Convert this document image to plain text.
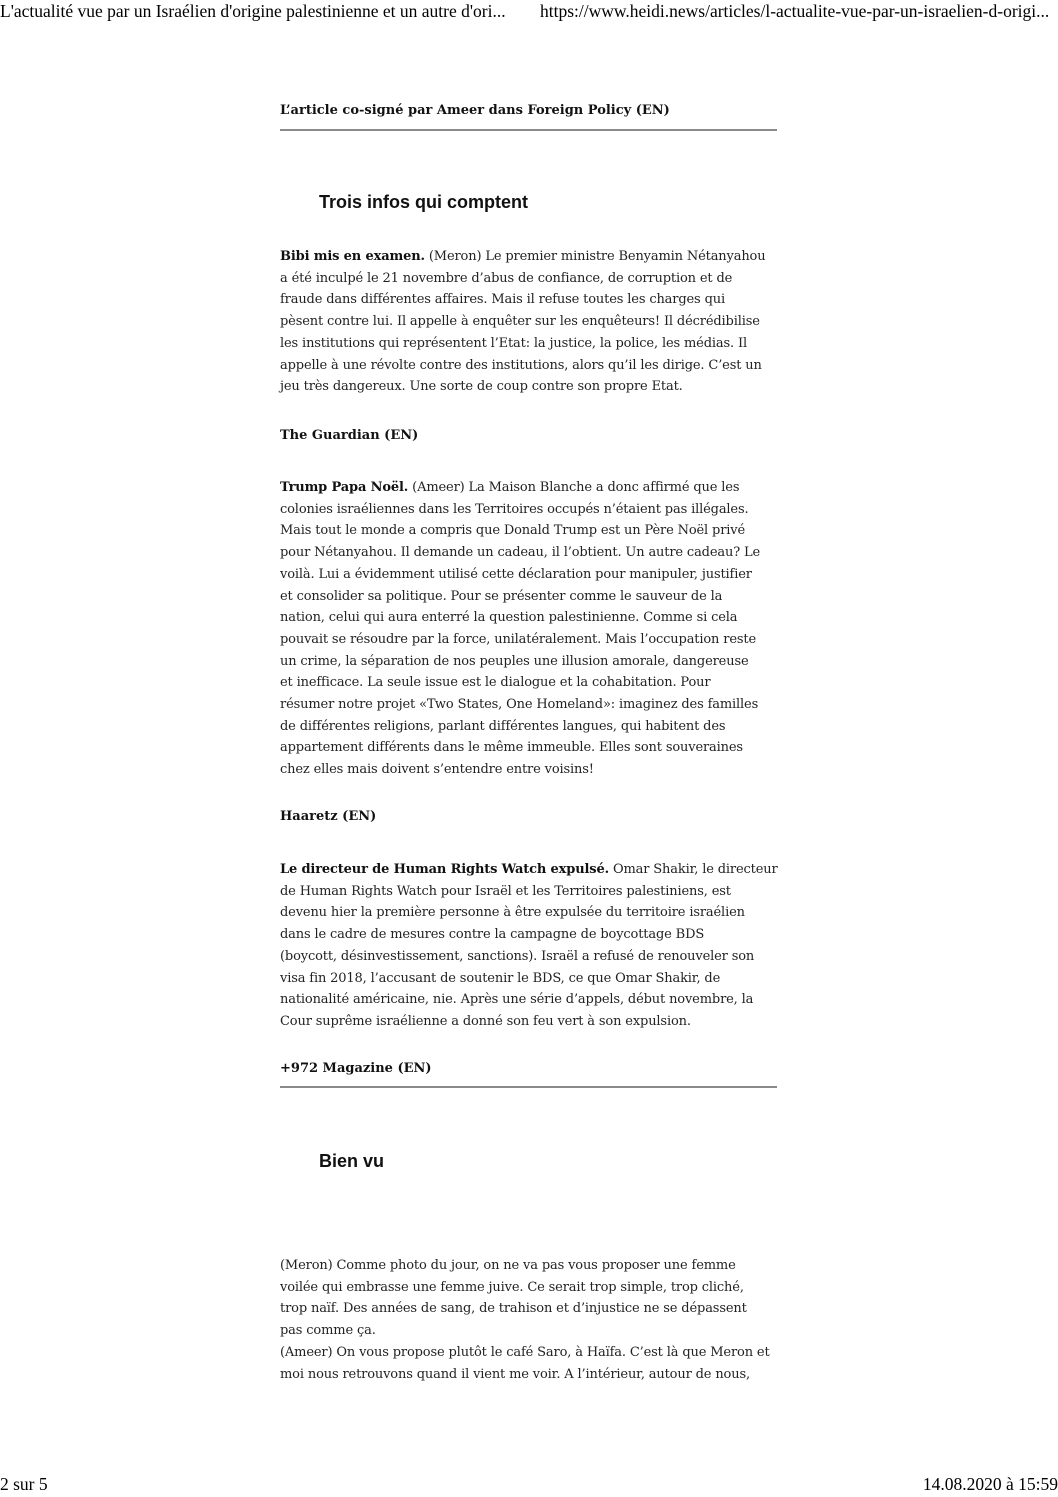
L'actualité vue par un Israélien d'origine palestinienne et un autre d'ori... https://www.heidi.news/articles/l-actualite-vue-par-un-israelien-d-origi...
L’article co-signé par Ameer dans Foreign Policy (EN)
Trois infos qui comptent

Bibi mis en examen. (Meron) Le premier ministre Benyamin Nétanyahou
a été inculpé le 21 novembre d’abus de confiance, de corruption et de
fraude dans différentes affaires. Mais il refuse toutes les charges qui
pèsent contre lui. Il appelle à enquêter sur les enquêteurs! Il décrédibilise
les institutions qui représentent l’Etat: la justice, la police, les médias. Il
appelle à une révolte contre des institutions, alors qu’il les dirige. C’est un
jeu très dangereux. Une sorte de coup contre son propre Etat.

The Guardian (EN)

Trump Papa Noël. (Ameer) La Maison Blanche a donc affirmé que les
colonies israéliennes dans les Territoires occupés n’étaient pas illégales.
Mais tout le monde a compris que Donald Trump est un Père Noël privé
pour Nétanyahou. Il demande un cadeau, il l’obtient. Un autre cadeau? Le
voilà. Lui a évidemment utilisé cette déclaration pour manipuler, justifier
et consolider sa politique. Pour se présenter comme le sauveur de la
nation, celui qui aura enterré la question palestinienne. Comme si cela
pouvait se résoudre par la force, unilatéralement. Mais l’occupation reste
un crime, la séparation de nos peuples une illusion amorale, dangereuse
et inefficace. La seule issue est le dialogue et la cohabitation. Pour
résumer notre projet «Two States, One Homeland»: imaginez des familles
de différentes religions, parlant différentes langues, qui habitent des
appartement différents dans le même immeuble. Elles sont souveraines
chez elles mais doivent s’entendre entre voisins!

Haaretz (EN)

Le directeur de Human Rights Watch expulsé. Omar Shakir, le directeur
de Human Rights Watch pour Israël et les Territoires palestiniens, est
devenu hier la première personne à être expulsée du territoire israélien
dans le cadre de mesures contre la campagne de boycottage BDS
(boycott, désinvestissement, sanctions). Israël a refusé de renouveler son
visa fin 2018, l’accusant de soutenir le BDS, ce que Omar Shakir, de
nationalité américaine, nie. Après une série d’appels, début novembre, la
Cour suprême israélienne a donné son feu vert à son expulsion.

+972 Magazine (EN)
Bien vu

(Meron) Comme photo du jour, on ne va pas vous proposer une femme
voilée qui embrasse une femme juive. Ce serait trop simple, trop cliché,
trop naïf. Des années de sang, de trahison et d’injustice ne se dépassent
pas comme ça.
(Ameer) On vous propose plutôt le café Saro, à Haïfa. C’est là que Meron et
moi nous retrouvons quand il vient me voir. A l’intérieur, autour de nous,

2 sur 5	14.08.2020 à 15:59
